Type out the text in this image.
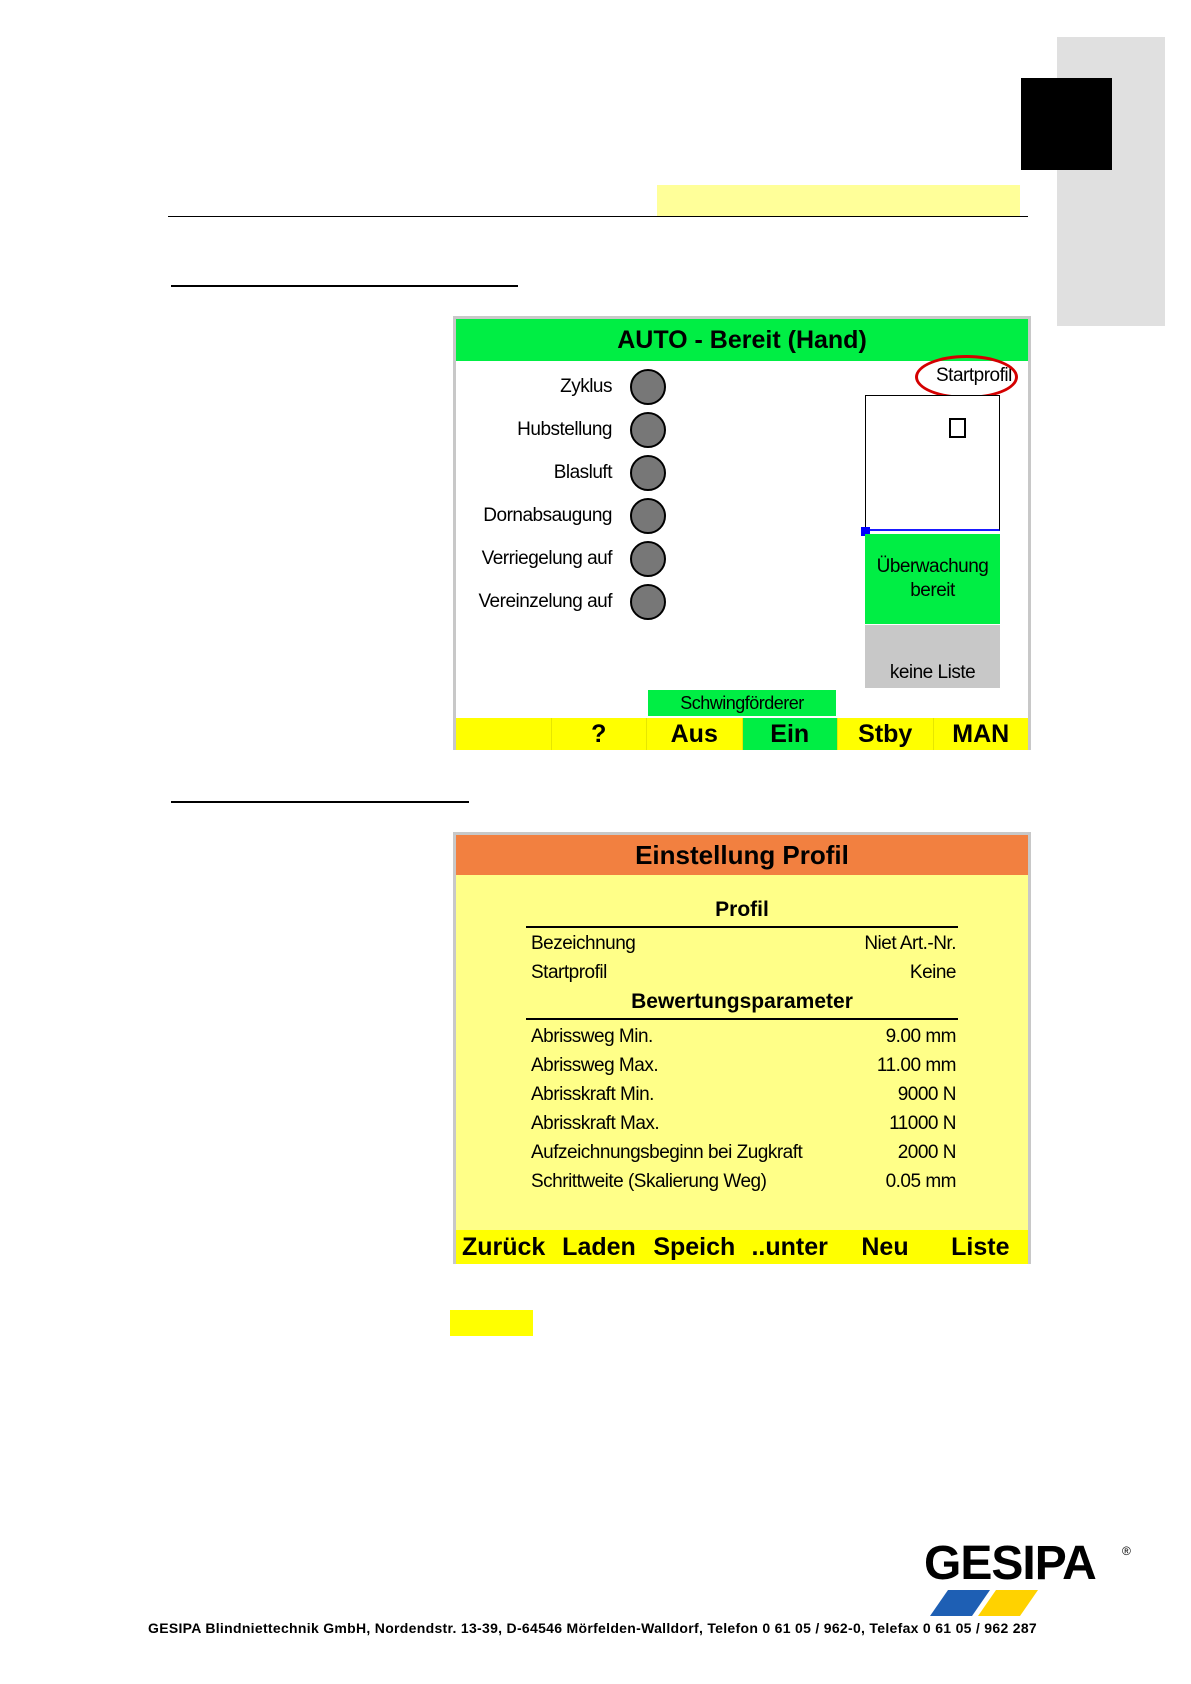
AUTO - Bereit (Hand)
Startprofil
Zyklus
Hubstellung
Blasluft
Dornabsaugung
Verriegelung auf
Vereinzelung auf
Überwachung
bereit
keine Liste
Schwingförderer
?	Aus	Ein	Stby	MAN
Einstellung Profil
Profil
Bezeichnung	Niet Art.-Nr.
Startprofil	Keine
Bewertungsparameter
Abrissweg Min.	9.00 mm
Abrissweg Max.	11.00 mm
Abrisskraft Min.	9000 N
Abrisskraft Max.	11000 N
Aufzeichnungsbeginn bei Zugkraft	2000 N
Schrittweite (Skalierung Weg)	0.05 mm
Zurück Laden Speich ..unter	Neu	Liste
GESIPA ®
GESIPA Blindniettechnik GmbH, Nordendstr. 13-39, D-64546 Mörfelden-Walldorf, Telefon 0 61 05 / 962-0, Telefax 0 61 05 / 962 287
